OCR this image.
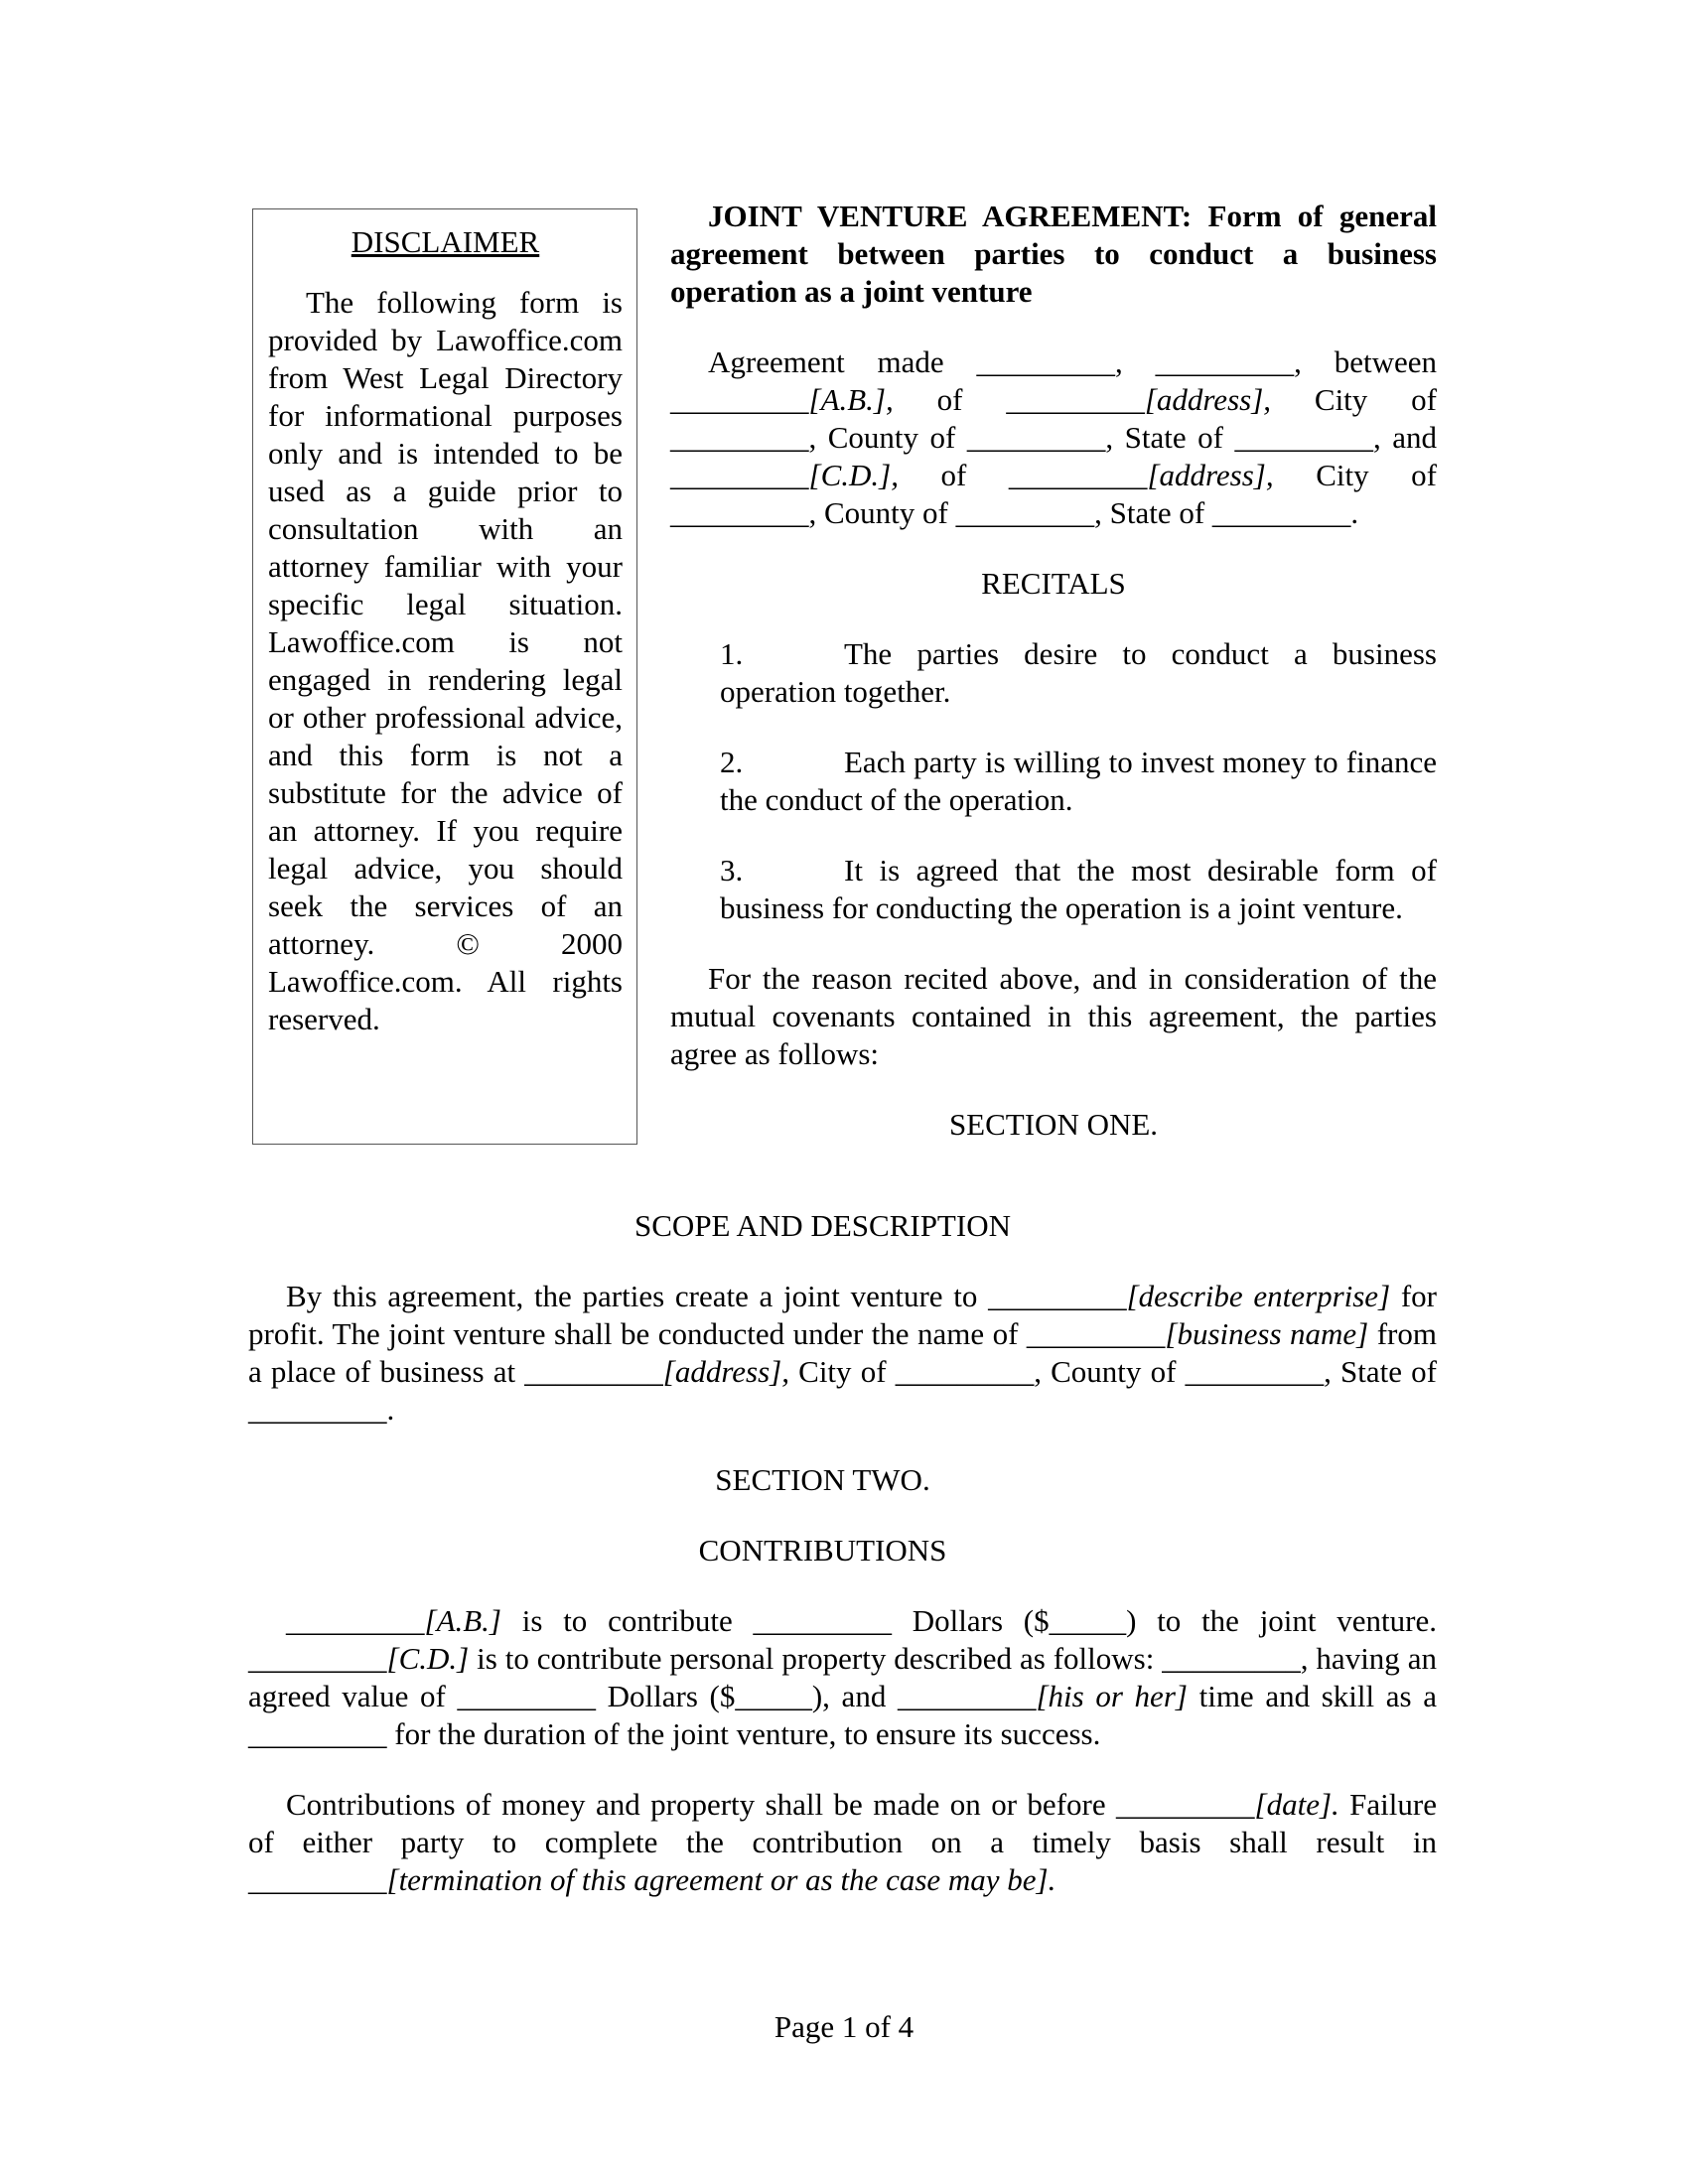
DISCLAIMER

The following form is provided by Lawoffice.com from West Legal Directory for informational purposes only and is intended to be used as a guide prior to consultation with an attorney familiar with your specific legal situation. Lawoffice.com is not engaged in rendering legal or other professional advice, and this form is not a substitute for the advice of an attorney. If you require legal advice, you should seek the services of an attorney. © 2000 Lawoffice.com. All rights reserved.

JOINT VENTURE AGREEMENT: Form of general agreement between parties to conduct a business operation as a joint venture

Agreement made _________, _________, between _________[A.B.], of _________[address], City of _________, County of _________, State of _________, and _________[C.D.], of _________[address], City of _________, County of _________, State of _________.

RECITALS

1.	The parties desire to conduct a business operation together.

2.	Each party is willing to invest money to finance the conduct of the operation.

3.	It is agreed that the most desirable form of business for conducting the operation is a joint venture.

For the reason recited above, and in consideration of the mutual covenants contained in this agreement, the parties agree as follows:

SECTION ONE.

SCOPE AND DESCRIPTION

By this agreement, the parties create a joint venture to _________[describe enterprise] for profit. The joint venture shall be conducted under the name of _________[business name] from a place of business at _________[address], City of _________, County of _________, State of _________.

SECTION TWO.

CONTRIBUTIONS

_________[A.B.] is to contribute _________ Dollars ($_____) to the joint venture. _________[C.D.] is to contribute personal property described as follows: _________, having an agreed value of _________ Dollars ($_____), and _________[his or her] time and skill as a _________ for the duration of the joint venture, to ensure its success.

Contributions of money and property shall be made on or before _________[date]. Failure of either party to complete the contribution on a timely basis shall result in _________[termination of this agreement or as the case may be].

Page 1 of 4
